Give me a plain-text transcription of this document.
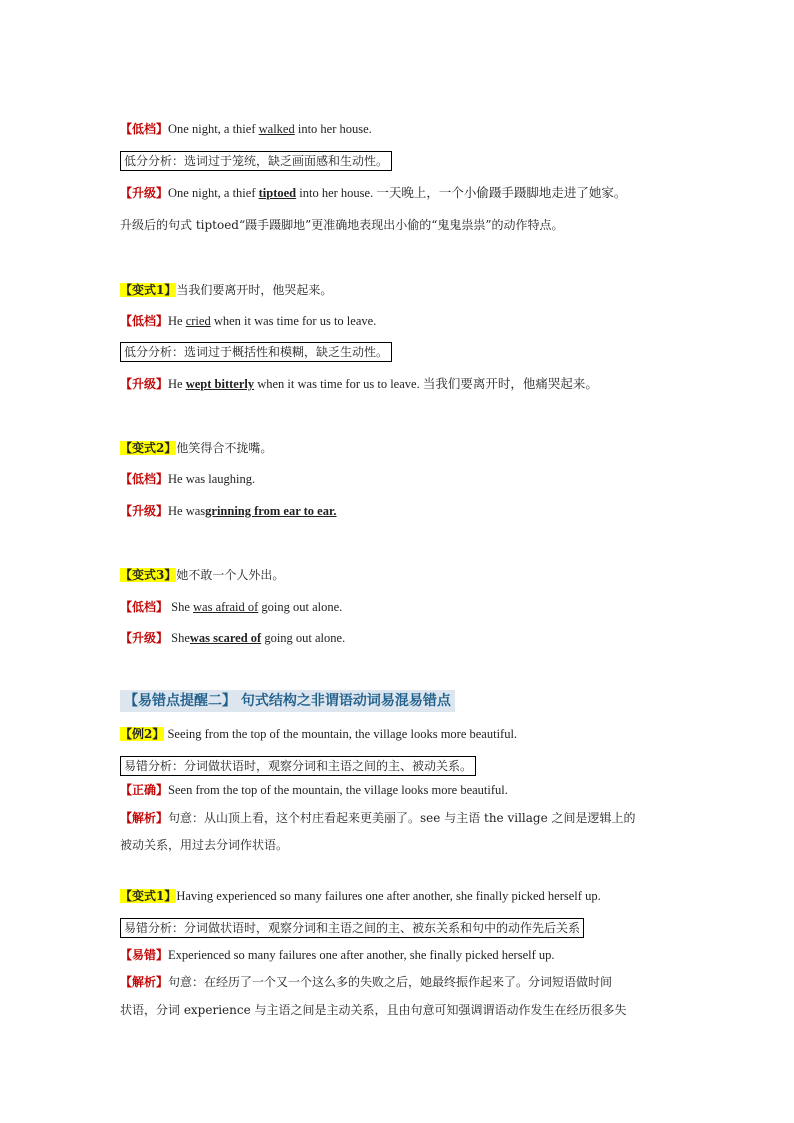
【低档】One night, a thief walked into her house.
低分分析：选词过于笼统，缺乏画面感和生动性。
【升级】One night, a thief tiptoed into her house. 一天晚上，一个小偷蹑手蹑脚地走进了她家。
升级后的句式 tiptoed“蹑手蹑脚地”更准确地表现出小偷的“鬼鬼祟祟”的动作特点。
【变式1】当我们要离开时，他哭起来。
【低档】He cried when it was time for us to leave.
低分分析：选词过于概括性和模糊，缺乏生动性。
【升级】He wept bitterly when it was time for us to leave. 当我们要离开时，他痛哭起来。
【变式2】他笑得合不拢嘴。
【低档】He was laughing.
【升级】He wasgrinning from ear to ear.
【变式3】她不敢一个人外出。
【低档】 She was afraid of going out alone.
【升级】 Shewas scared of going out alone.
【易错点提醒二】 句式结构之非谓语动词易混易错点
【例2】 Seeing from the top of the mountain, the village looks more beautiful.
易错分析：分词做状语时，观察分词和主语之间的主、被动关系。
【正确】Seen from the top of the mountain, the village looks more beautiful.
【解析】句意：从山顶上看，这个村庄看起来更美丽了。see 与主语 the village 之间是逻辑上的
被动关系，用过去分词作状语。
【变式1】Having experienced so many failures one after another, she finally picked herself up.
易错分析：分词做状语时，观察分词和主语之间的主、被东关系和句中的动作先后关系
【易错】Experienced so many failures one after another, she finally picked herself up.
【解析】句意：在经历了一个又一个这么多的失败之后，她最终振作起来了。分词短语做时间
状语，分词 experience 与主语之间是主动关系，且由句意可知强调谓语动作发生在经历很多失
